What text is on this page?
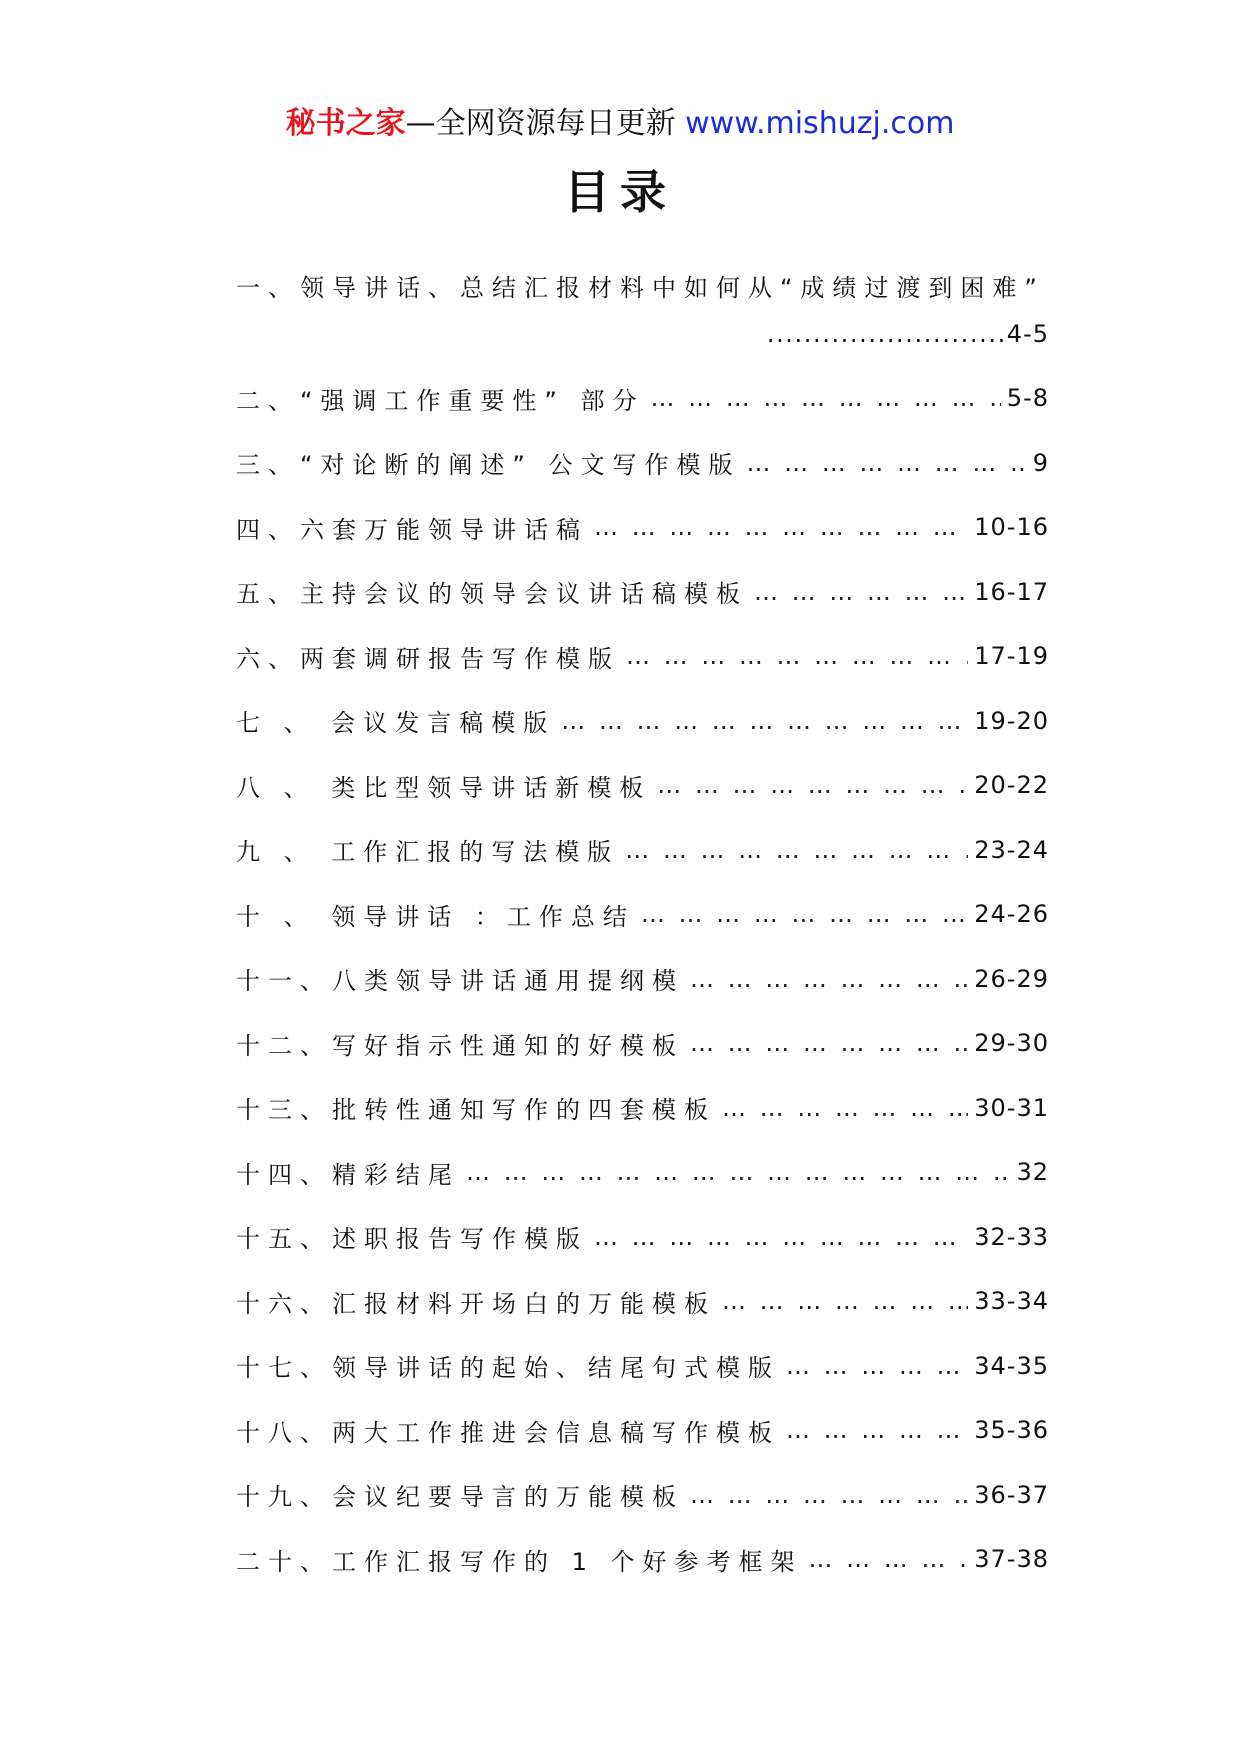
秘书之家—全网资源每日更新 www.mishuzj.com
目录
一、领导讲话、总结汇报材料中如何从“成绩过渡到困难”
..... 4-5
二、“强调工作重要性” 部分 … … … … … … … … … … … … … … … … … … … … … … … … … … … … … … … … … … … … … … …	5-8
三、“对论断的阐述” 公文写作模版 … … … … … … … … … … … … … … … … … … … … … … … … … … … … … … … … … … … … … … …	9
四、六套万能领导讲话稿 … … … … … … … … … … … … … … … … … … … … … … … … … … … … … … … … … … … … … … …	10-16
五、主持会议的领导会议讲话稿模板 … … … … … … … … … … … … … … … … … … … … … … … … … … … … … … … … … … … … … … …	16-17
六、两套调研报告写作模版 … … … … … … … … … … … … … … … … … … … … … … … … … … … … … … … … … … … … … … …	17-19
七 、 会议发言稿模版 … … … … … … … … … … … … … … … … … … … … … … … … … … … … … … … … … … … … … … …	19-20
八 、 类比型领导讲话新模板 … … … … … … … … … … … … … … … … … … … … … … … … … … … … … … … … … … … … … … …	20-22
九 、 工作汇报的写法模版 … … … … … … … … … … … … … … … … … … … … … … … … … … … … … … … … … … … … … … …	23-24
十 、 领导讲话 ：工作总结 … … … … … … … … … … … … … … … … … … … … … … … … … … … … … … … … … … … … … … …	24-26
十一、八类领导讲话通用提纲模 … … … … … … … … … … … … … … … … … … … … … … … … … … … … … … … … … … … … … … …	26-29
十二、写好指示性通知的好模板 … … … … … … … … … … … … … … … … … … … … … … … … … … … … … … … … … … … … … … …	29-30
十三、批转性通知写作的四套模板 … … … … … … … … … … … … … … … … … … … … … … … … … … … … … … … … … … … … … … …	30-31
十四、精彩结尾 … … … … … … … … … … … … … … … … … … … … … … … … … … … … … … … … … … … … … … …	32
十五、述职报告写作模版 … … … … … … … … … … … … … … … … … … … … … … … … … … … … … … … … … … … … … … …	32-33
十六、汇报材料开场白的万能模板 … … … … … … … … … … … … … … … … … … … … … … … … … … … … … … … … … … … … … … …	33-34
十七、领导讲话的起始、结尾句式模版 … … … … … … … … … … … … … … … … … … … … … … … … … … … … … … … … … … … … … … …	34-35
十八、两大工作推进会信息稿写作模板 … … … … … … … … … … … … … … … … … … … … … … … … … … … … … … … … … … … … … … …	35-36
十九、会议纪要导言的万能模板 … … … … … … … … … … … … … … … … … … … … … … … … … … … … … … … … … … … … … … …	36-37
二十、工作汇报写作的 1 个好参考框架 … … … … … … … … … … … … … … … … … … … … … … … … … … … … … … … … … … … … … … …	37-38
